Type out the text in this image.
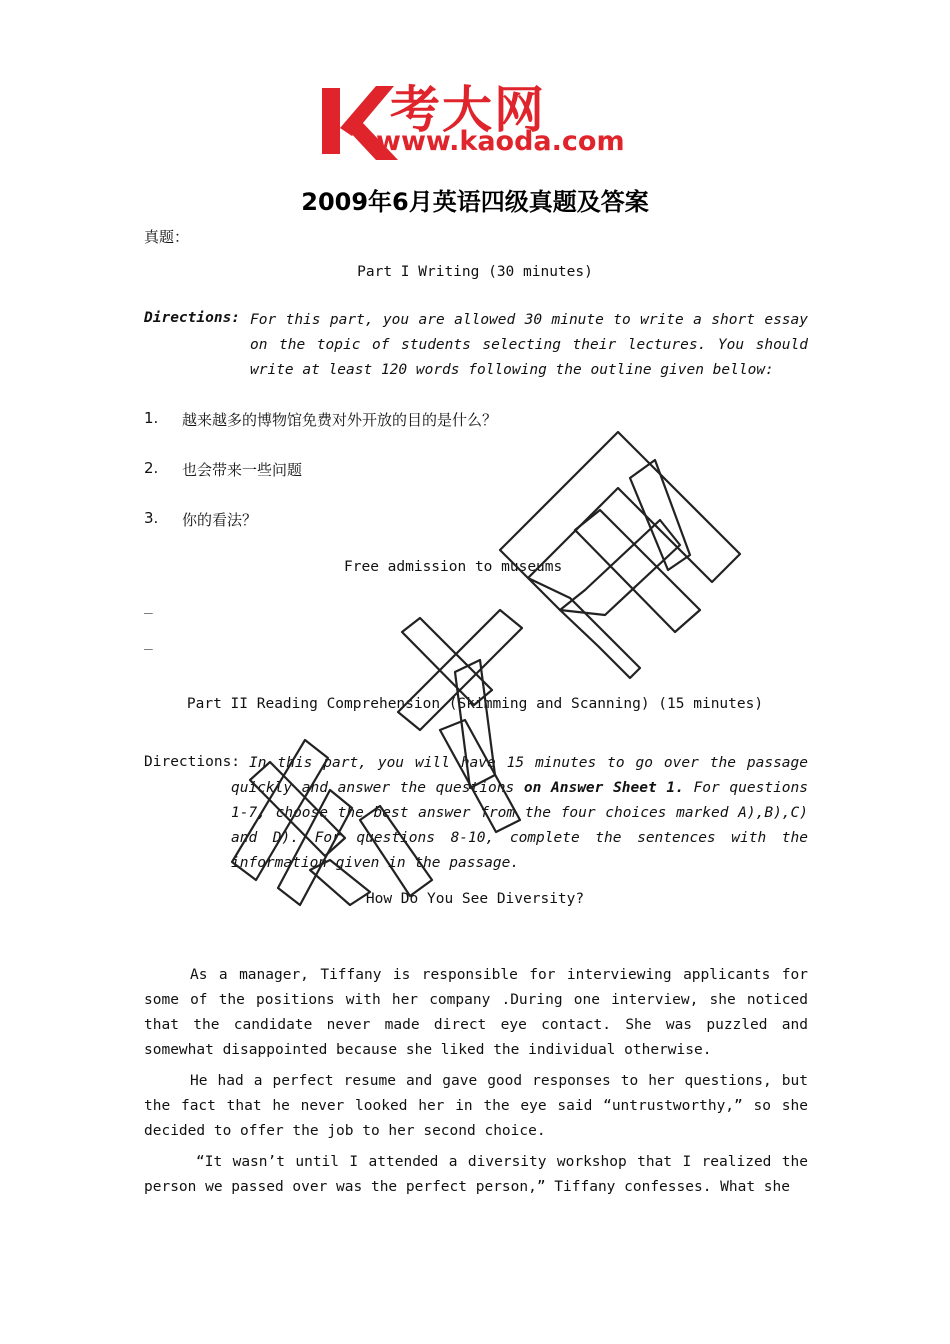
考大网
www.kaoda.com
2009年6月英语四级真题及答案
真题：
Part I Writing (30 minutes)
Directions: For this part, you are allowed 30 minute to write a short essay on the topic of students selecting their lectures. You should write at least 120 words following the outline given bellow:
1. 越来越多的博物馆免费对外开放的目的是什么？
2. 也会带来一些问题
3. 你的看法？
Free admission to museums
_
_
Part II Reading Comprehension (Skimming and Scanning) (15 minutes)
Directions: In this part, you will have 15 minutes to go over the passage quickly and answer the questions on Answer Sheet 1. For questions 1-7, choose the best answer from the four choices marked A),B),C) and D). For questions 8-10, complete the sentences with the information given in the passage.
How Do You See Diversity?
As a manager, Tiffany is responsible for interviewing applicants for some of the positions with her company .During one interview, she noticed that the candidate never made direct eye contact. She was puzzled and somewhat disappointed because she liked the individual otherwise.
He had a perfect resume and gave good responses to her questions, but the fact that he never looked her in the eye said “untrustworthy,” so she decided to offer the job to her second choice.
“It wasn’t until I attended a diversity workshop that I realized the person we passed over was the perfect person,” Tiffany confesses. What she
